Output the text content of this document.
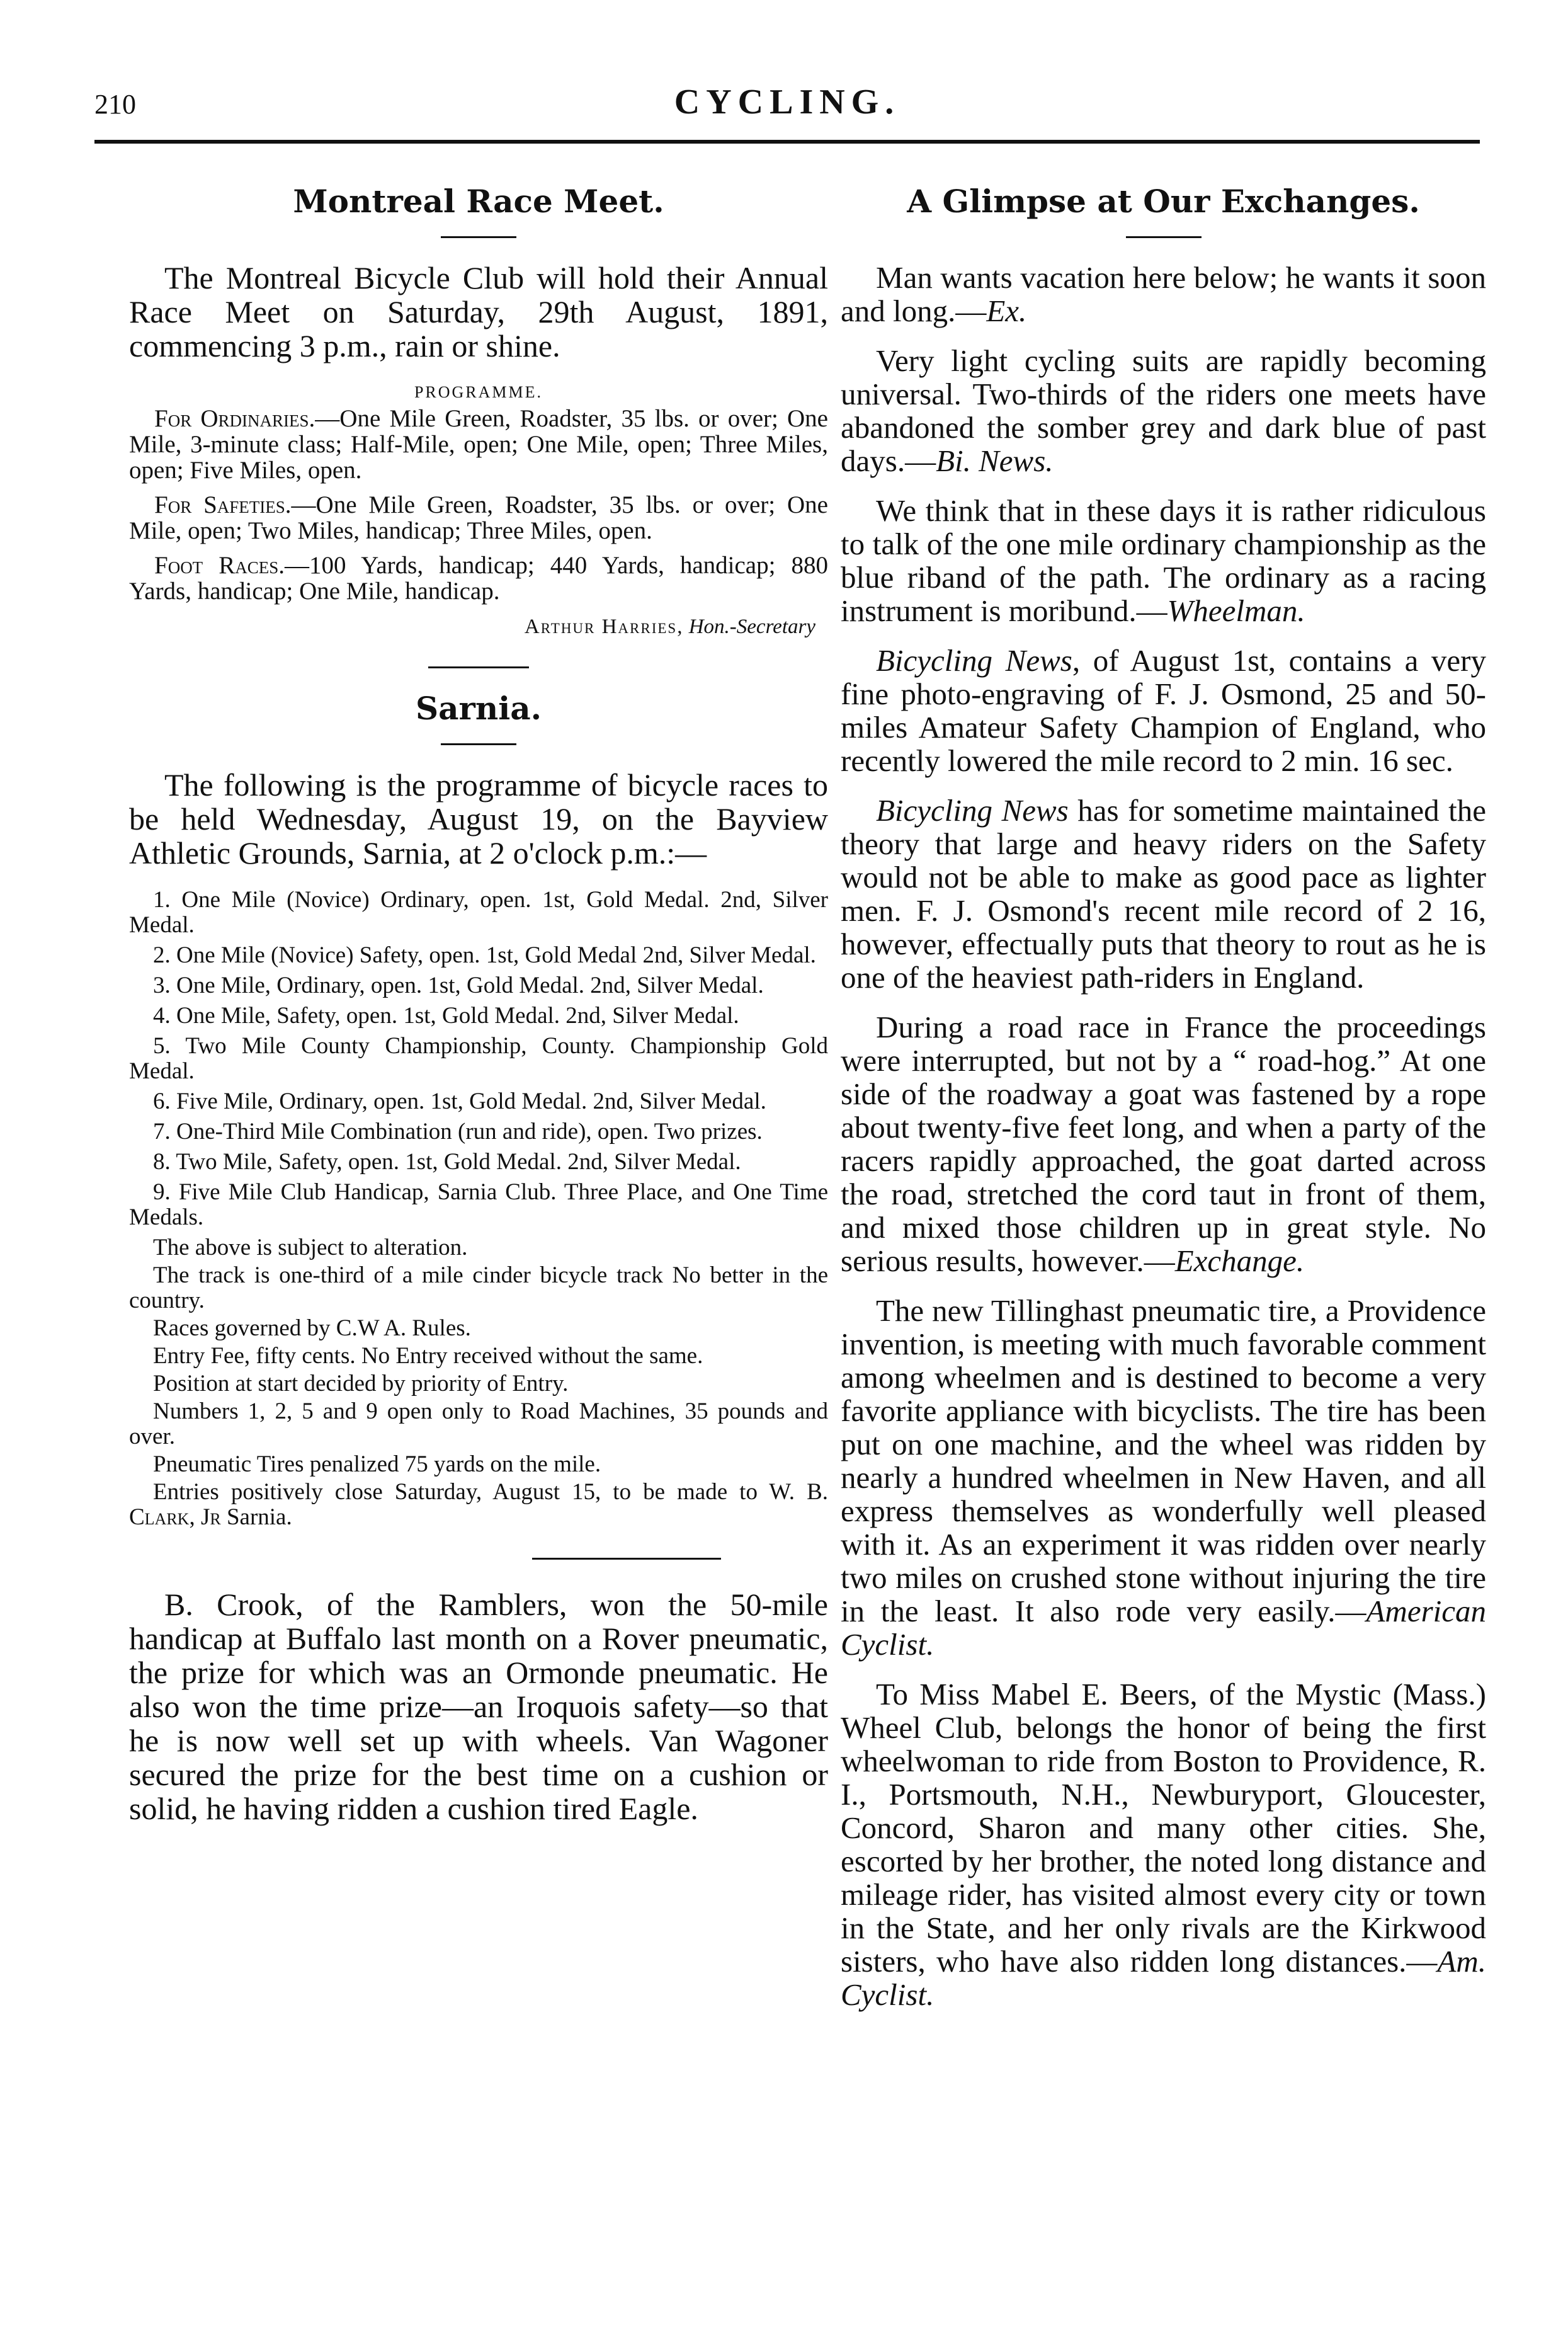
210	CYCLING.
Montreal Race Meet.

The Montreal Bicycle Club will hold their Annual Race Meet on Saturday, 29th August, 1891, commencing 3 p.m., rain or shine.

PROGRAMME.

For Ordinaries.—One Mile Green, Roadster, 35 lbs. or over; One Mile, 3-minute class; Half-Mile, open; One Mile, open; Three Miles, open; Five Miles, open.

For Safeties.—One Mile Green, Roadster, 35 lbs. or over; One Mile, open; Two Miles, handicap; Three Miles, open.

Foot Races.—100 Yards, handicap; 440 Yards, handicap; 880 Yards, handicap; One Mile, handicap.

Arthur Harries, Hon.-Secretary
Sarnia.

The following is the programme of bicycle races to be held Wednesday, August 19, on the Bayview Athletic Grounds, Sarnia, at 2 o'clock p.m.:—

1. One Mile (Novice) Ordinary, open. 1st, Gold Medal. 2nd, Silver Medal.
2. One Mile (Novice) Safety, open. 1st, Gold Medal 2nd, Silver Medal.
3. One Mile, Ordinary, open. 1st, Gold Medal. 2nd, Silver Medal.
4. One Mile, Safety, open. 1st, Gold Medal. 2nd, Silver Medal.
5. Two Mile County Championship, County. Championship Gold Medal.
6. Five Mile, Ordinary, open. 1st, Gold Medal. 2nd, Silver Medal.
7. One-Third Mile Combination (run and ride), open. Two prizes.
8. Two Mile, Safety, open. 1st, Gold Medal. 2nd, Silver Medal.
9. Five Mile Club Handicap, Sarnia Club. Three Place, and One Time Medals.
The above is subject to alteration.
The track is one-third of a mile cinder bicycle track No better in the country.
Races governed by C.W A. Rules.
Entry Fee, fifty cents. No Entry received without the same.
Position at start decided by priority of Entry.
Numbers 1, 2, 5 and 9 open only to Road Machines, 35 pounds and over.
Pneumatic Tires penalized 75 yards on the mile.
Entries positively close Saturday, August 15, to be made to W. B. Clark, Jr Sarnia.

B. Crook, of the Ramblers, won the 50-mile handicap at Buffalo last month on a Rover pneumatic, the prize for which was an Ormonde pneumatic. He also won the time prize—an Iroquois safety—so that he is now well set up with wheels. Van Wagoner secured the prize for the best time on a cushion or solid, he having ridden a cushion tired Eagle.

A Glimpse at Our Exchanges.

Man wants vacation here below; he wants it soon and long.—Ex.

Very light cycling suits are rapidly becoming universal. Two-thirds of the riders one meets have abandoned the somber grey and dark blue of past days.—Bi. News.

We think that in these days it is rather ridiculous to talk of the one mile ordinary championship as the blue riband of the path. The ordinary as a racing instrument is moribund.—Wheelman.

Bicycling News, of August 1st, contains a very fine photo-engraving of F. J. Osmond, 25 and 50-miles Amateur Safety Champion of England, who recently lowered the mile record to 2 min. 16 sec.

Bicycling News has for sometime maintained the theory that large and heavy riders on the Safety would not be able to make as good pace as lighter men. F. J. Osmond's recent mile record of 2 16, however, effectually puts that theory to rout as he is one of the heaviest path-riders in England.

During a road race in France the proceedings were interrupted, but not by a “ road-hog.” At one side of the roadway a goat was fastened by a rope about twenty-five feet long, and when a party of the racers rapidly approached, the goat darted across the road, stretched the cord taut in front of them, and mixed those children up in great style. No serious results, however.—Exchange.

The new Tillinghast pneumatic tire, a Providence invention, is meeting with much favorable comment among wheelmen and is destined to become a very favorite appliance with bicyclists. The tire has been put on one machine, and the wheel was ridden by nearly a hundred wheelmen in New Haven, and all express themselves as wonderfully well pleased with it. As an experiment it was ridden over nearly two miles on crushed stone without injuring the tire in the least. It also rode very easily.—American Cyclist.

To Miss Mabel E. Beers, of the Mystic (Mass.) Wheel Club, belongs the honor of being the first wheelwoman to ride from Boston to Providence, R. I., Portsmouth, N.H., Newburyport, Gloucester, Concord, Sharon and many other cities. She, escorted by her brother, the noted long distance and mileage rider, has visited almost every city or town in the State, and her only rivals are the Kirkwood sisters, who have also ridden long distances.—Am. Cyclist.
